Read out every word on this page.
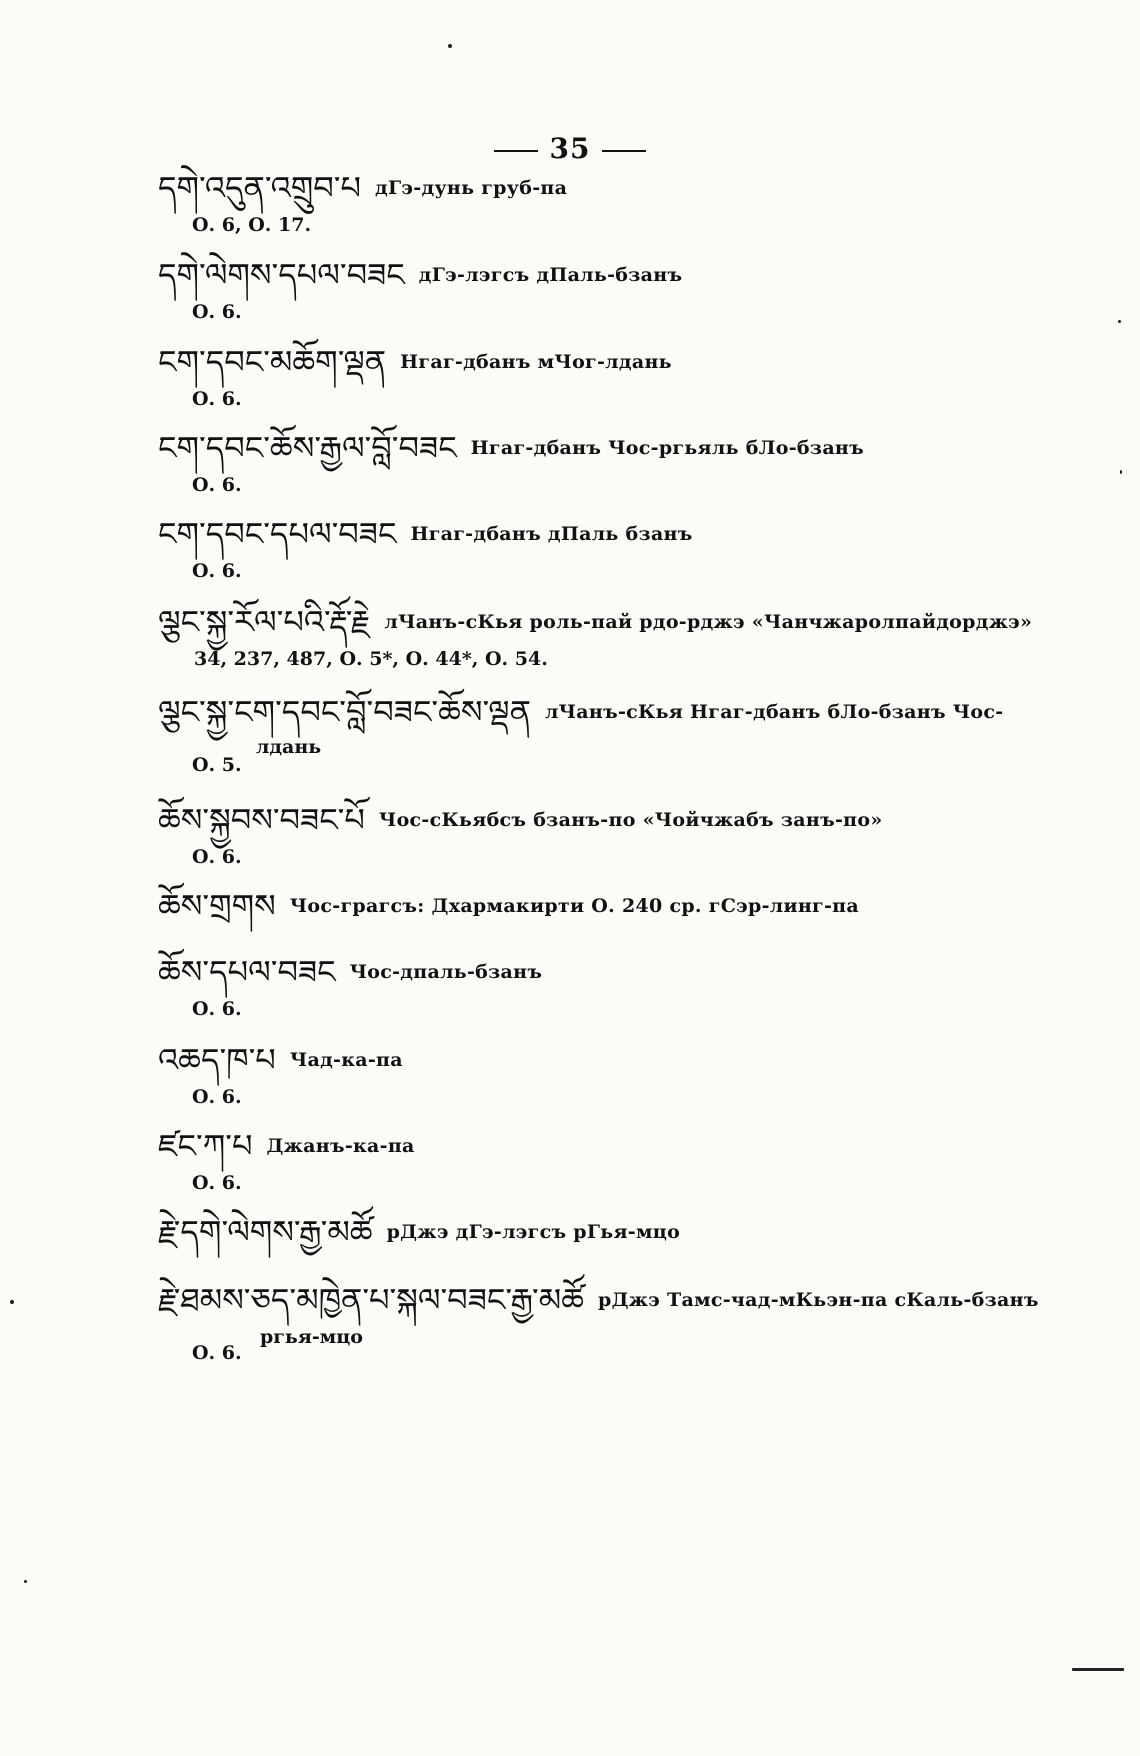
35
དགེ་འདུན་འགྲུབ་པ дГэ-дунь груб-па
О. 6, О. 17.
དགེ་ལེགས་དཔལ་བཟང дГэ-лэгсъ дПаль-бзанъ
О. 6.
ངག་དབང་མཆོག་ལྡན Нгаг-дбанъ мЧог-лдань
О. 6.
ངག་དབང་ཆོས་རྒྱལ་བློ་བཟང Нгаг-дбанъ Чос-ргьяль бЛо-бзанъ
О. 6.
ངག་དབང་དཔལ་བཟང Нгаг-дбанъ дПаль бзанъ
О. 6.
ལྕང་སྐྱ་རོལ་པའི་རྡོ་རྗེ лЧанъ-сКья роль-пай рдо-рджэ «Чанчжаролпайдорджэ»
34, 237, 487, О. 5*, О. 44*, О. 54.
ལྕང་སྐྱ་ངག་དབང་བློ་བཟང་ཆོས་ལྡན лЧанъ-сКья Нгаг-дбанъ бЛо-бзанъ Чос-
лдань
О. 5.
ཆོས་སྐྱབས་བཟང་པོ Чос-сКьябсъ бзанъ-по «Чойчжабъ занъ-по»
О. 6.
ཆོས་གྲགས Чос-грагсъ: Дхармакирти О. 240 ср. гСэр-линг-па
ཆོས་དཔལ་བཟང Чос-дпаль-бзанъ
О. 6.
འཆད་ཁ་པ Чад-ка-па
О. 6.
ཛང་ཀ་པ Джанъ-ка-па
О. 6.
རྗེ་དགེ་ལེགས་རྒྱ་མཚོ рДжэ дГэ-лэгсъ рГья-мцо
རྗེ་ཐམས་ཅད་མཁྱེན་པ་སྐལ་བཟང་རྒྱ་མཚོ рДжэ Тамс-чад-мКьэн-па сКаль-бзанъ
ргья-мцо
О. 6.
